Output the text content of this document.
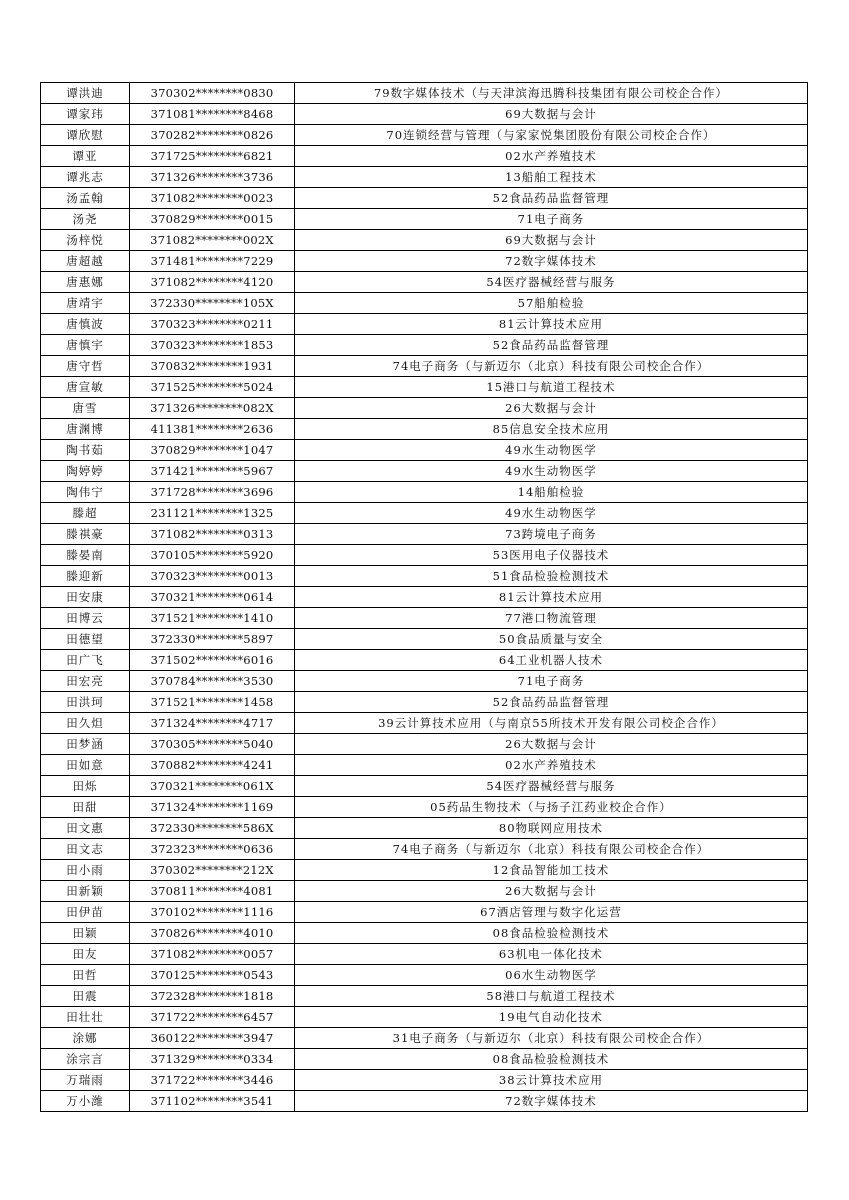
谭洪迪	370302********0830	79数字媒体技术（与天津滨海迅腾科技集团有限公司校企合作）
谭家玮	371081********8468	69大数据与会计
谭欣慰	370282********0826	70连锁经营与管理（与家家悦集团股份有限公司校企合作）
谭亚	371725********6821	02水产养殖技术
谭兆志	371326********3736	13船舶工程技术
汤孟翰	371082********0023	52食品药品监督管理
汤尧	370829********0015	71电子商务
汤梓悦	371082********002X	69大数据与会计
唐超越	371481********7229	72数字媒体技术
唐惠娜	371082********4120	54医疗器械经营与服务
唐靖宇	372330********105X	57船舶检验
唐慎波	370323********0211	81云计算技术应用
唐慎宇	370323********1853	52食品药品监督管理
唐守哲	370832********1931	74电子商务（与新迈尔（北京）科技有限公司校企合作）
唐宣敏	371525********5024	15港口与航道工程技术
唐雪	371326********082X	26大数据与会计
唐渊博	411381********2636	85信息安全技术应用
陶书茹	370829********1047	49水生动物医学
陶婷婷	371421********5967	49水生动物医学
陶伟宁	371728********3696	14船舶检验
滕超	231121********1325	49水生动物医学
滕祺豪	371082********0313	73跨境电子商务
滕晏南	370105********5920	53医用电子仪器技术
滕迎新	370323********0013	51食品检验检测技术
田安康	370321********0614	81云计算技术应用
田博云	371521********1410	77港口物流管理
田德望	372330********5897	50食品质量与安全
田广飞	371502********6016	64工业机器人技术
田宏亮	370784********3530	71电子商务
田洪珂	371521********1458	52食品药品监督管理
田久炟	371324********4717	39云计算技术应用（与南京55所技术开发有限公司校企合作）
田梦涵	370305********5040	26大数据与会计
田如意	370882********4241	02水产养殖技术
田烁	370321********061X	54医疗器械经营与服务
田甜	371324********1169	05药品生物技术（与扬子江药业校企合作）
田文惠	372330********586X	80物联网应用技术
田文志	372323********0636	74电子商务（与新迈尔（北京）科技有限公司校企合作）
田小雨	370302********212X	12食品智能加工技术
田新颖	370811********4081	26大数据与会计
田伊苗	370102********1116	67酒店管理与数字化运营
田颖	370826********4010	08食品检验检测技术
田友	371082********0057	63机电一体化技术
田哲	370125********0543	06水生动物医学
田震	372328********1818	58港口与航道工程技术
田壮壮	371722********6457	19电气自动化技术
涂娜	360122********3947	31电子商务（与新迈尔（北京）科技有限公司校企合作）
涂宗言	371329********0334	08食品检验检测技术
万瑞雨	371722********3446	38云计算技术应用
万小潍	371102********3541	72数字媒体技术
